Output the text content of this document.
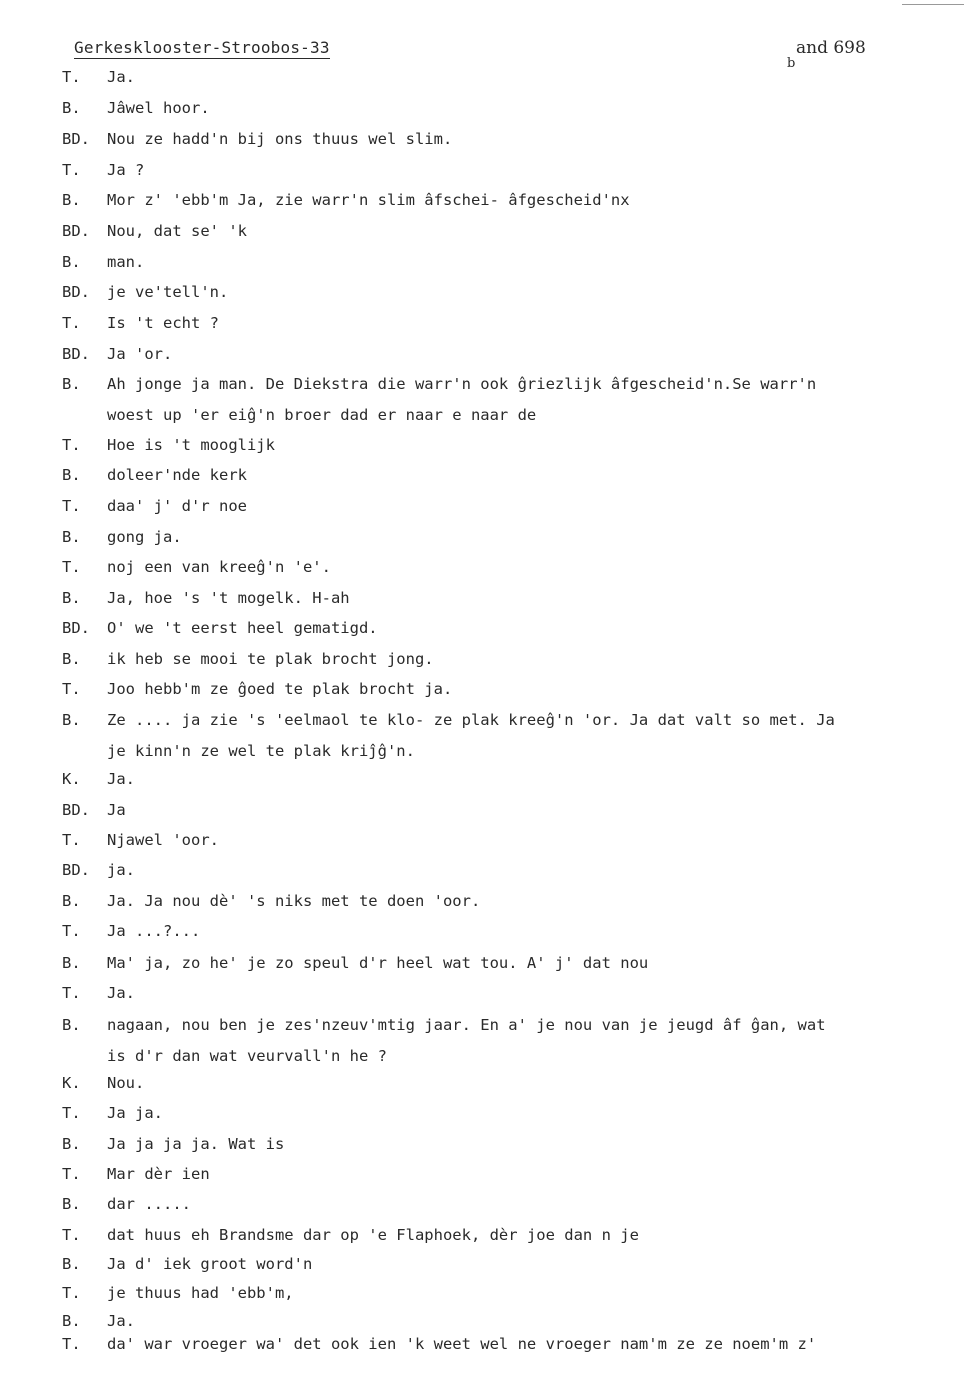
Gerkesklooster-Stroobos-33	and 698
b
T.	Ja.
B.	Jâwel hoor.
BD.	Nou ze hadd'n bij ons thuus wel slim.
T.	Ja ?
B.	Mor z' 'ebb'm Ja, zie warr'n slim âfschei- âfgescheid'nx
BD.	Nou, dat se' 'k
B.	man.
BD.	je ve'tell'n.
T.	Is 't echt ?
BD.	Ja 'or.
B.	Ah jonge ja man. De Diekstra die warr'n ook ĝriezlijk âfgescheid'n.Se warr'n
woest up 'er eiĝ'n broer dad er naar e naar de
T.	Hoe is 't mooglijk
B.	doleer'nde kerk
T.	daa' j' d'r noe
B.	gong ja.
T.	noj een van kreeĝ'n 'e'.
B.	Ja, hoe 's 't mogelk. H-ah
BD.	O' we 't eerst heel gematigd.
B.	ik heb se mooi te plak brocht jong.
T.	Joo hebb'm ze ĝoed te plak brocht ja.
B.	Ze .... ja zie 's 'eelmaol te klo- ze plak kreeĝ'n 'or. Ja dat valt so met. Ja
je kinn'n ze wel te plak kriĵĝ'n.
K.	Ja.
BD.	Ja
T.	Njawel 'oor.
BD.	ja.
B.	Ja. Ja nou dè' 's niks met te doen 'oor.
T.	Ja ...?...
B.	Ma' ja, zo he' je zo speul d'r heel wat tou. A' j' dat nou
T.	Ja.
B.	nagaan, nou ben je zes'nzeuv'mtig jaar. En a' je nou van je jeugd âf ĝan, wat
is d'r dan wat veurvall'n he ?
K.	Nou.
T.	Ja ja.
B.	Ja ja ja ja. Wat is
T.	Mar dèr ien
B.	dar .....
T.	dat huus eh Brandsme dar op 'e Flaphoek, dèr joe dan n je
B.	Ja d' iek groot word'n
T.	je thuus had 'ebb'm,
B.	Ja.
T.	da' war vroeger wa' det ook ien 'k weet wel ne vroeger nam'm ze ze noem'm z'
